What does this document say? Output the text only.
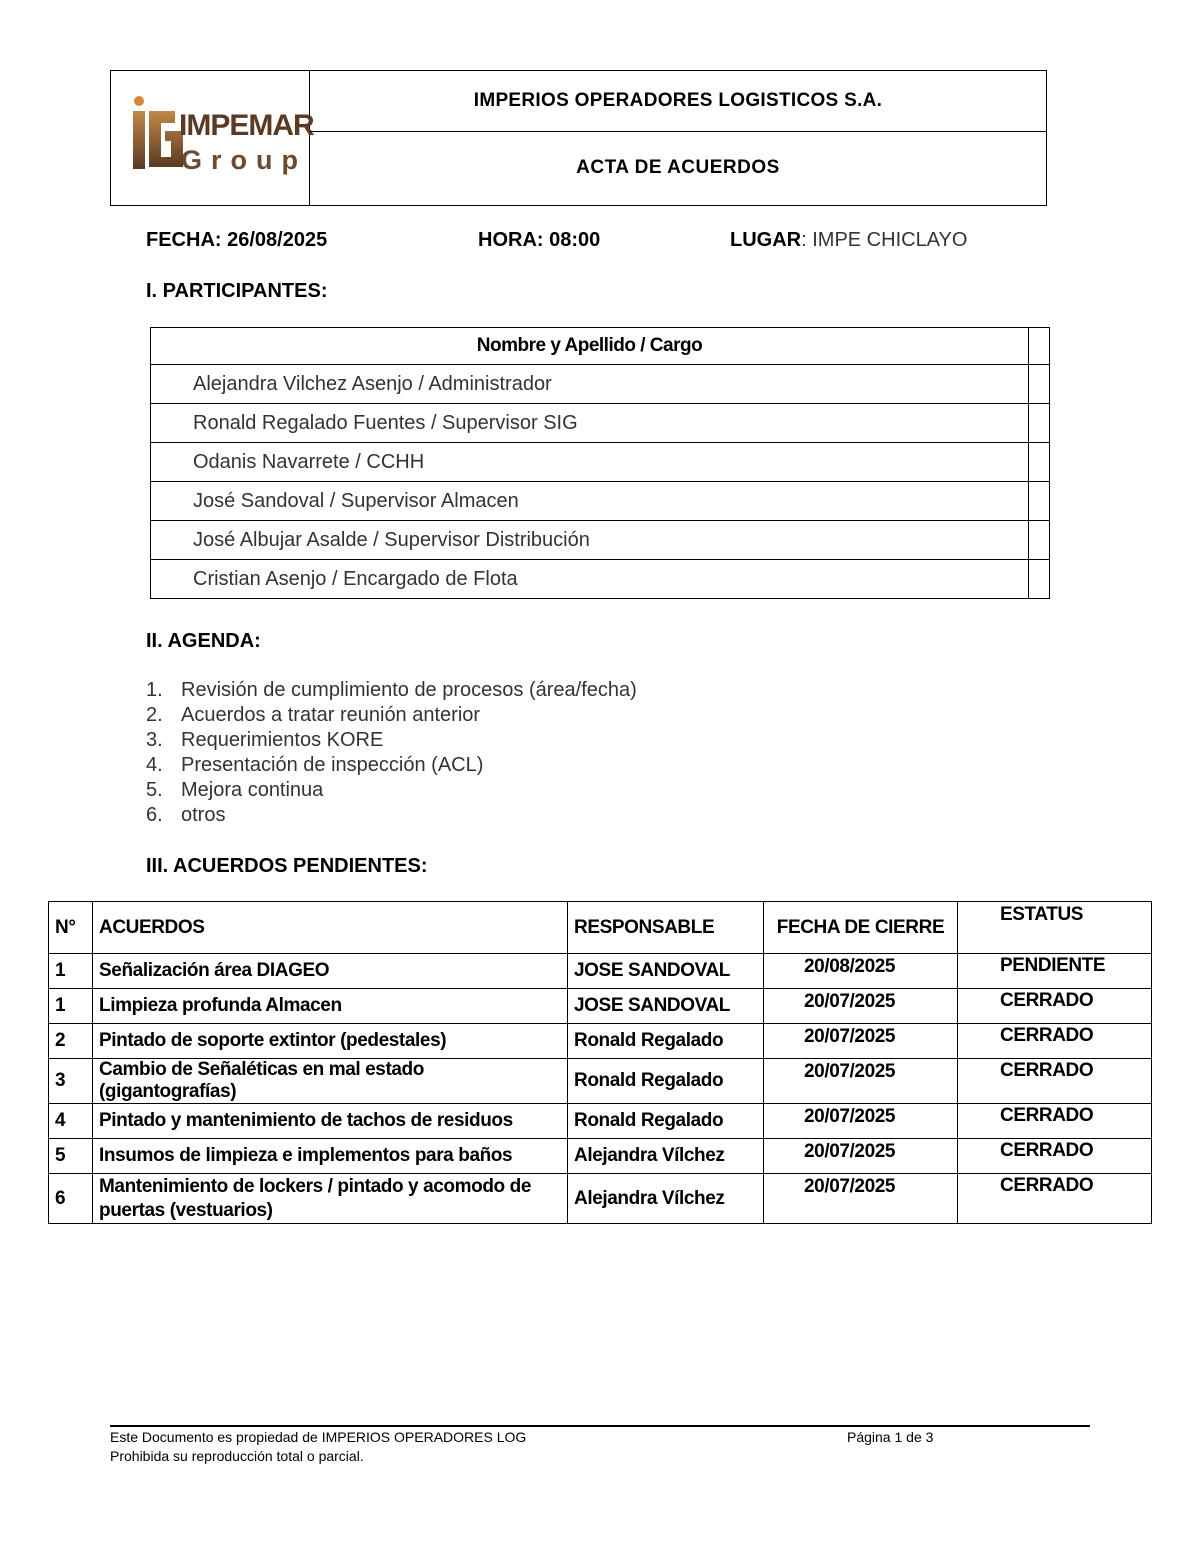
IMPEMAR
Group
IMPERIOS OPERADORES LOGISTICOS S.A.
ACTA DE ACUERDOS
FECHA: 26/08/2025	HORA: 08:00	LUGAR: IMPE CHICLAYO
I. PARTICIPANTES:
Nombre y Apellido / Cargo	
Alejandra Vilchez Asenjo / Administrador	
Ronald Regalado Fuentes / Supervisor SIG	
Odanis Navarrete / CCHH	
José Sandoval / Supervisor Almacen	
José Albujar Asalde / Supervisor Distribución	
Cristian Asenjo / Encargado de Flota	
II. AGENDA:
1. Revisión de cumplimiento de procesos (área/fecha)
2. Acuerdos a tratar reunión anterior
3. Requerimientos KORE
4. Presentación de inspección (ACL)
5. Mejora continua
6. otros
III. ACUERDOS PENDIENTES:
N°	ACUERDOS	RESPONSABLE	FECHA DE CIERRE	ESTATUS
1	Señalización área DIAGEO	JOSE SANDOVAL	20/08/2025	PENDIENTE
1	Limpieza profunda Almacen	JOSE SANDOVAL	20/07/2025	CERRADO
2	Pintado de soporte extintor (pedestales)	Ronald Regalado	20/07/2025	CERRADO
3	Cambio de Señaléticas en mal estado (gigantografías)	Ronald Regalado	20/07/2025	CERRADO
4	Pintado y mantenimiento de tachos de residuos	Ronald Regalado	20/07/2025	CERRADO
5	Insumos de limpieza e implementos para baños	Alejandra Vílchez	20/07/2025	CERRADO
6	Mantenimiento de lockers / pintado y acomodo de puertas (vestuarios)	Alejandra Vílchez	20/07/2025	CERRADO
Este Documento es propiedad de IMPERIOS OPERADORES LOG
Prohibida su reproducción total o parcial.
Página 1 de 3
